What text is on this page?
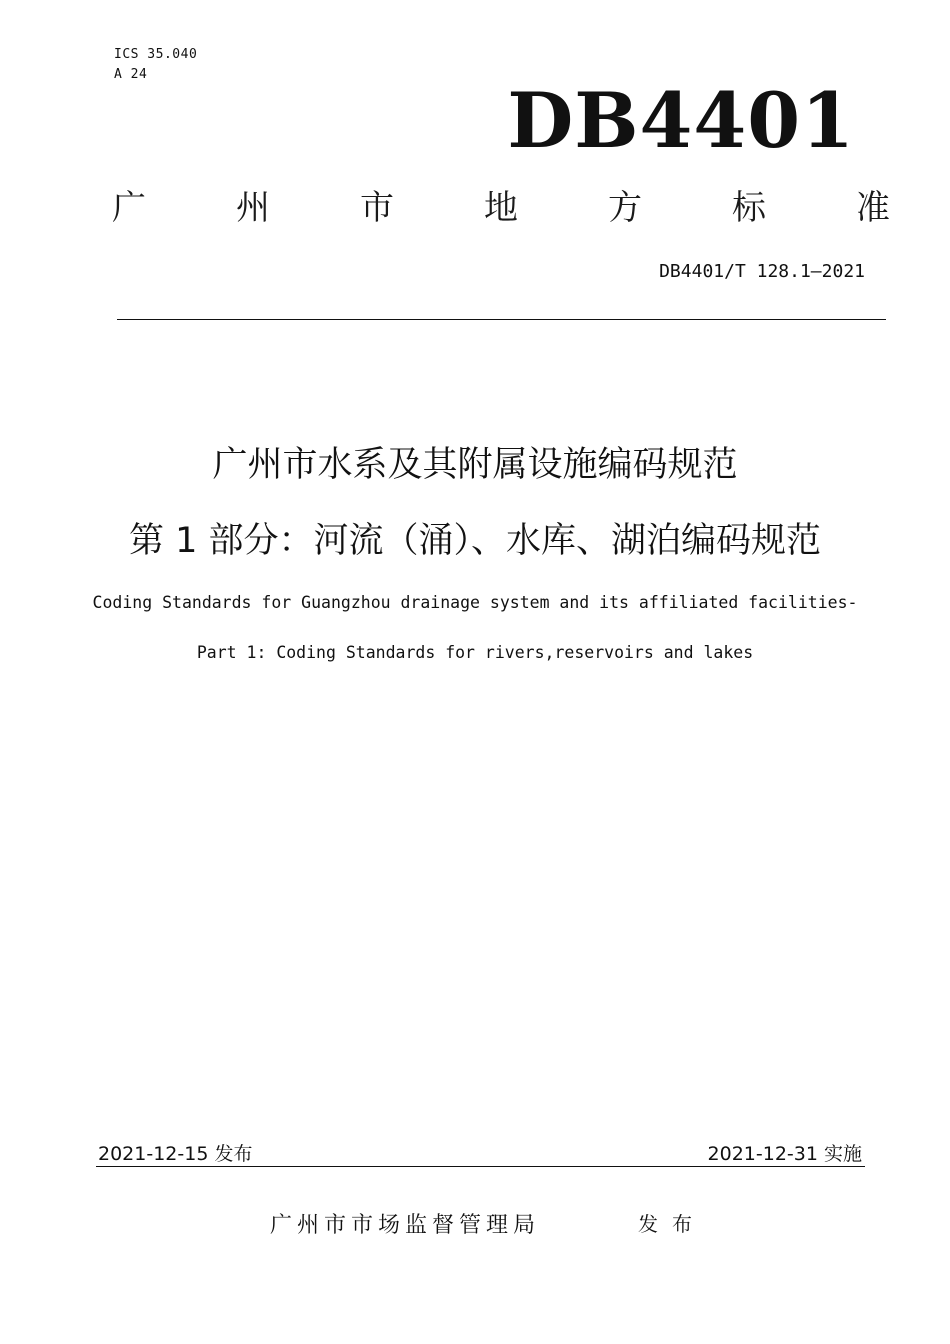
ICS 35.040
A 24
DB4401
广	州	市	地	方	标	准
DB4401/T 128.1—2021
广州市水系及其附属设施编码规范
第 1 部分：河流（涌）、水库、湖泊编码规范
Coding Standards for Guangzhou drainage system and its affiliated facilities-
Part 1: Coding Standards for rivers,reservoirs and lakes
2021-12-15 发布	2021-12-31 实施
广州市市场监督管理局	发布
